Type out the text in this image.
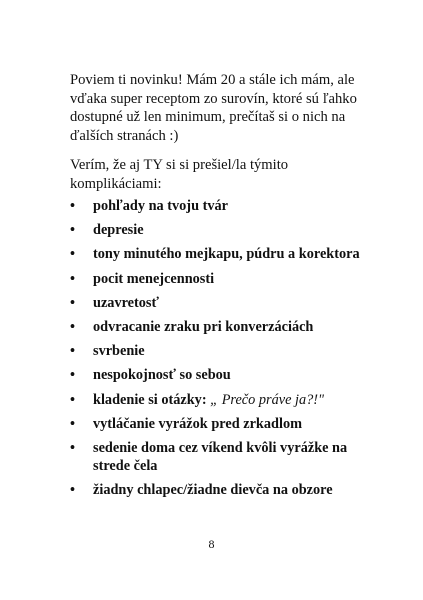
Poviem ti novinku! Mám 20 a stále ich mám, ale vďaka super receptom zo surovín, ktoré sú ľahko dostupné už len minimum, prečítaš si o nich na ďalších stranách :)

Verím, že aj TY si si prešiel/la týmito komplikáciami:

• pohľady na tvoju tvár
• depresie
• tony minutého mejkapu, púdru a korektora
• pocit menejcennosti
• uzavretosť
• odvracanie zraku pri konverzáciách
• svrbenie
• nespokojnosť so sebou
• kladenie si otázky: „ Prečo práve ja?!"
• vytláčanie vyrážok pred zrkadlom
• sedenie doma cez víkend kvôli vyrážke na strede čela
• žiadny chlapec/žiadne dievča na obzore
8
